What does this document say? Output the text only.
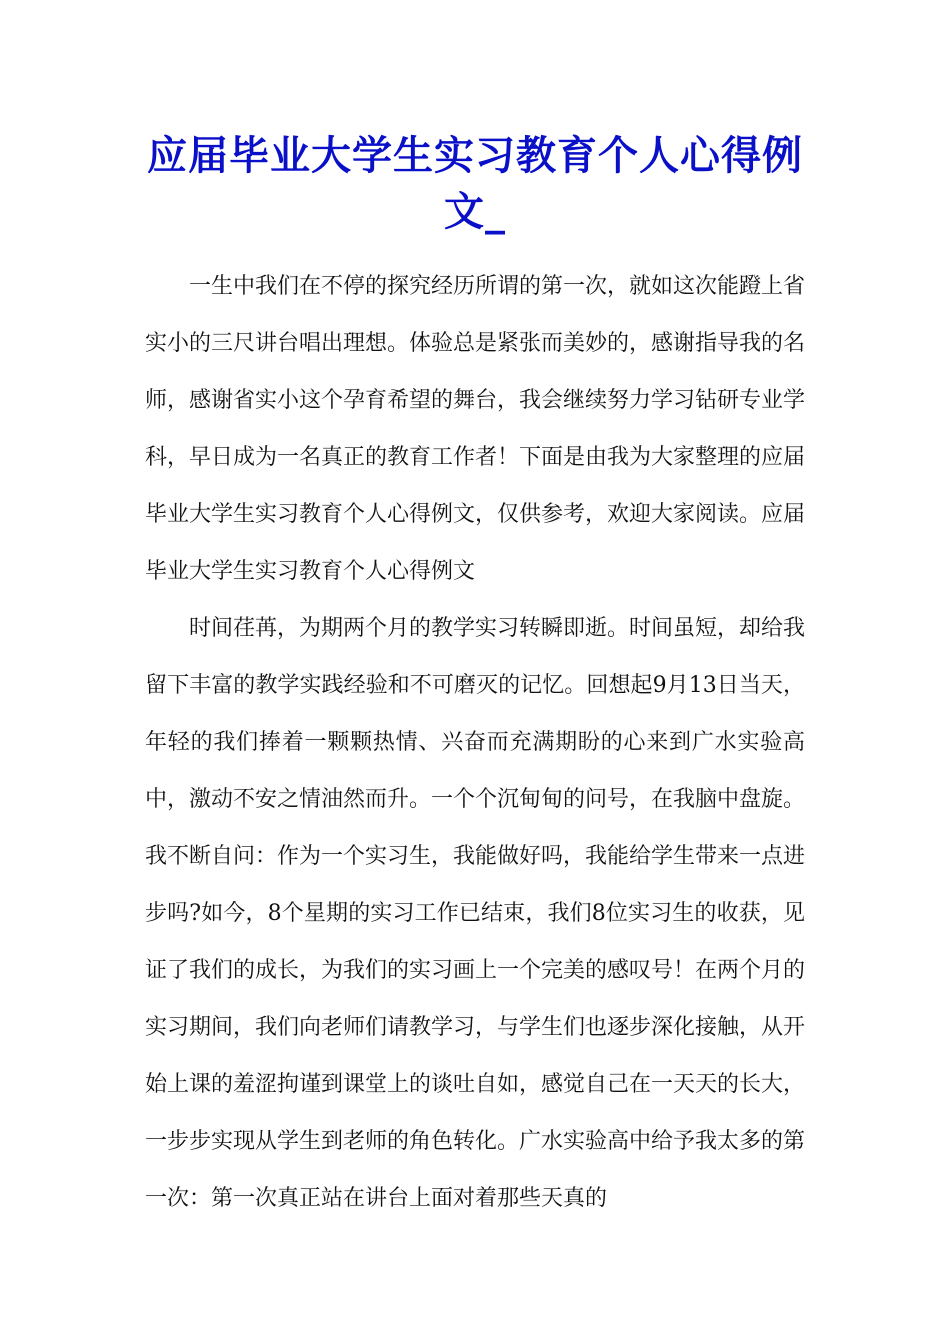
应届毕业大学生实习教育个人心得例文_

一生中我们在不停的探究经历所谓的第一次，就如这次能蹬上省实小的三尺讲台唱出理想。体验总是紧张而美妙的，感谢指导我的名师，感谢省实小这个孕育希望的舞台，我会继续努力学习钻研专业学科，早日成为一名真正的教育工作者！下面是由我为大家整理的应届毕业大学生实习教育个人心得例文，仅供参考，欢迎大家阅读。应届毕业大学生实习教育个人心得例文

时间荏苒，为期两个月的教学实习转瞬即逝。时间虽短，却给我留下丰富的教学实践经验和不可磨灭的记忆。回想起9月13日当天，年轻的我们捧着一颗颗热情、兴奋而充满期盼的心来到广水实验高中，激动不安之情油然而升。一个个沉甸甸的问号，在我脑中盘旋。我不断自问：作为一个实习生，我能做好吗，我能给学生带来一点进步吗?如今，8个星期的实习工作已结束，我们8位实习生的收获，见证了我们的成长，为我们的实习画上一个完美的感叹号！在两个月的实习期间，我们向老师们请教学习，与学生们也逐步深化接触，从开始上课的羞涩拘谨到课堂上的谈吐自如，感觉自己在一天天的长大，一步步实现从学生到老师的角色转化。广水实验高中给予我太多的第一次：第一次真正站在讲台上面对着那些天真的
